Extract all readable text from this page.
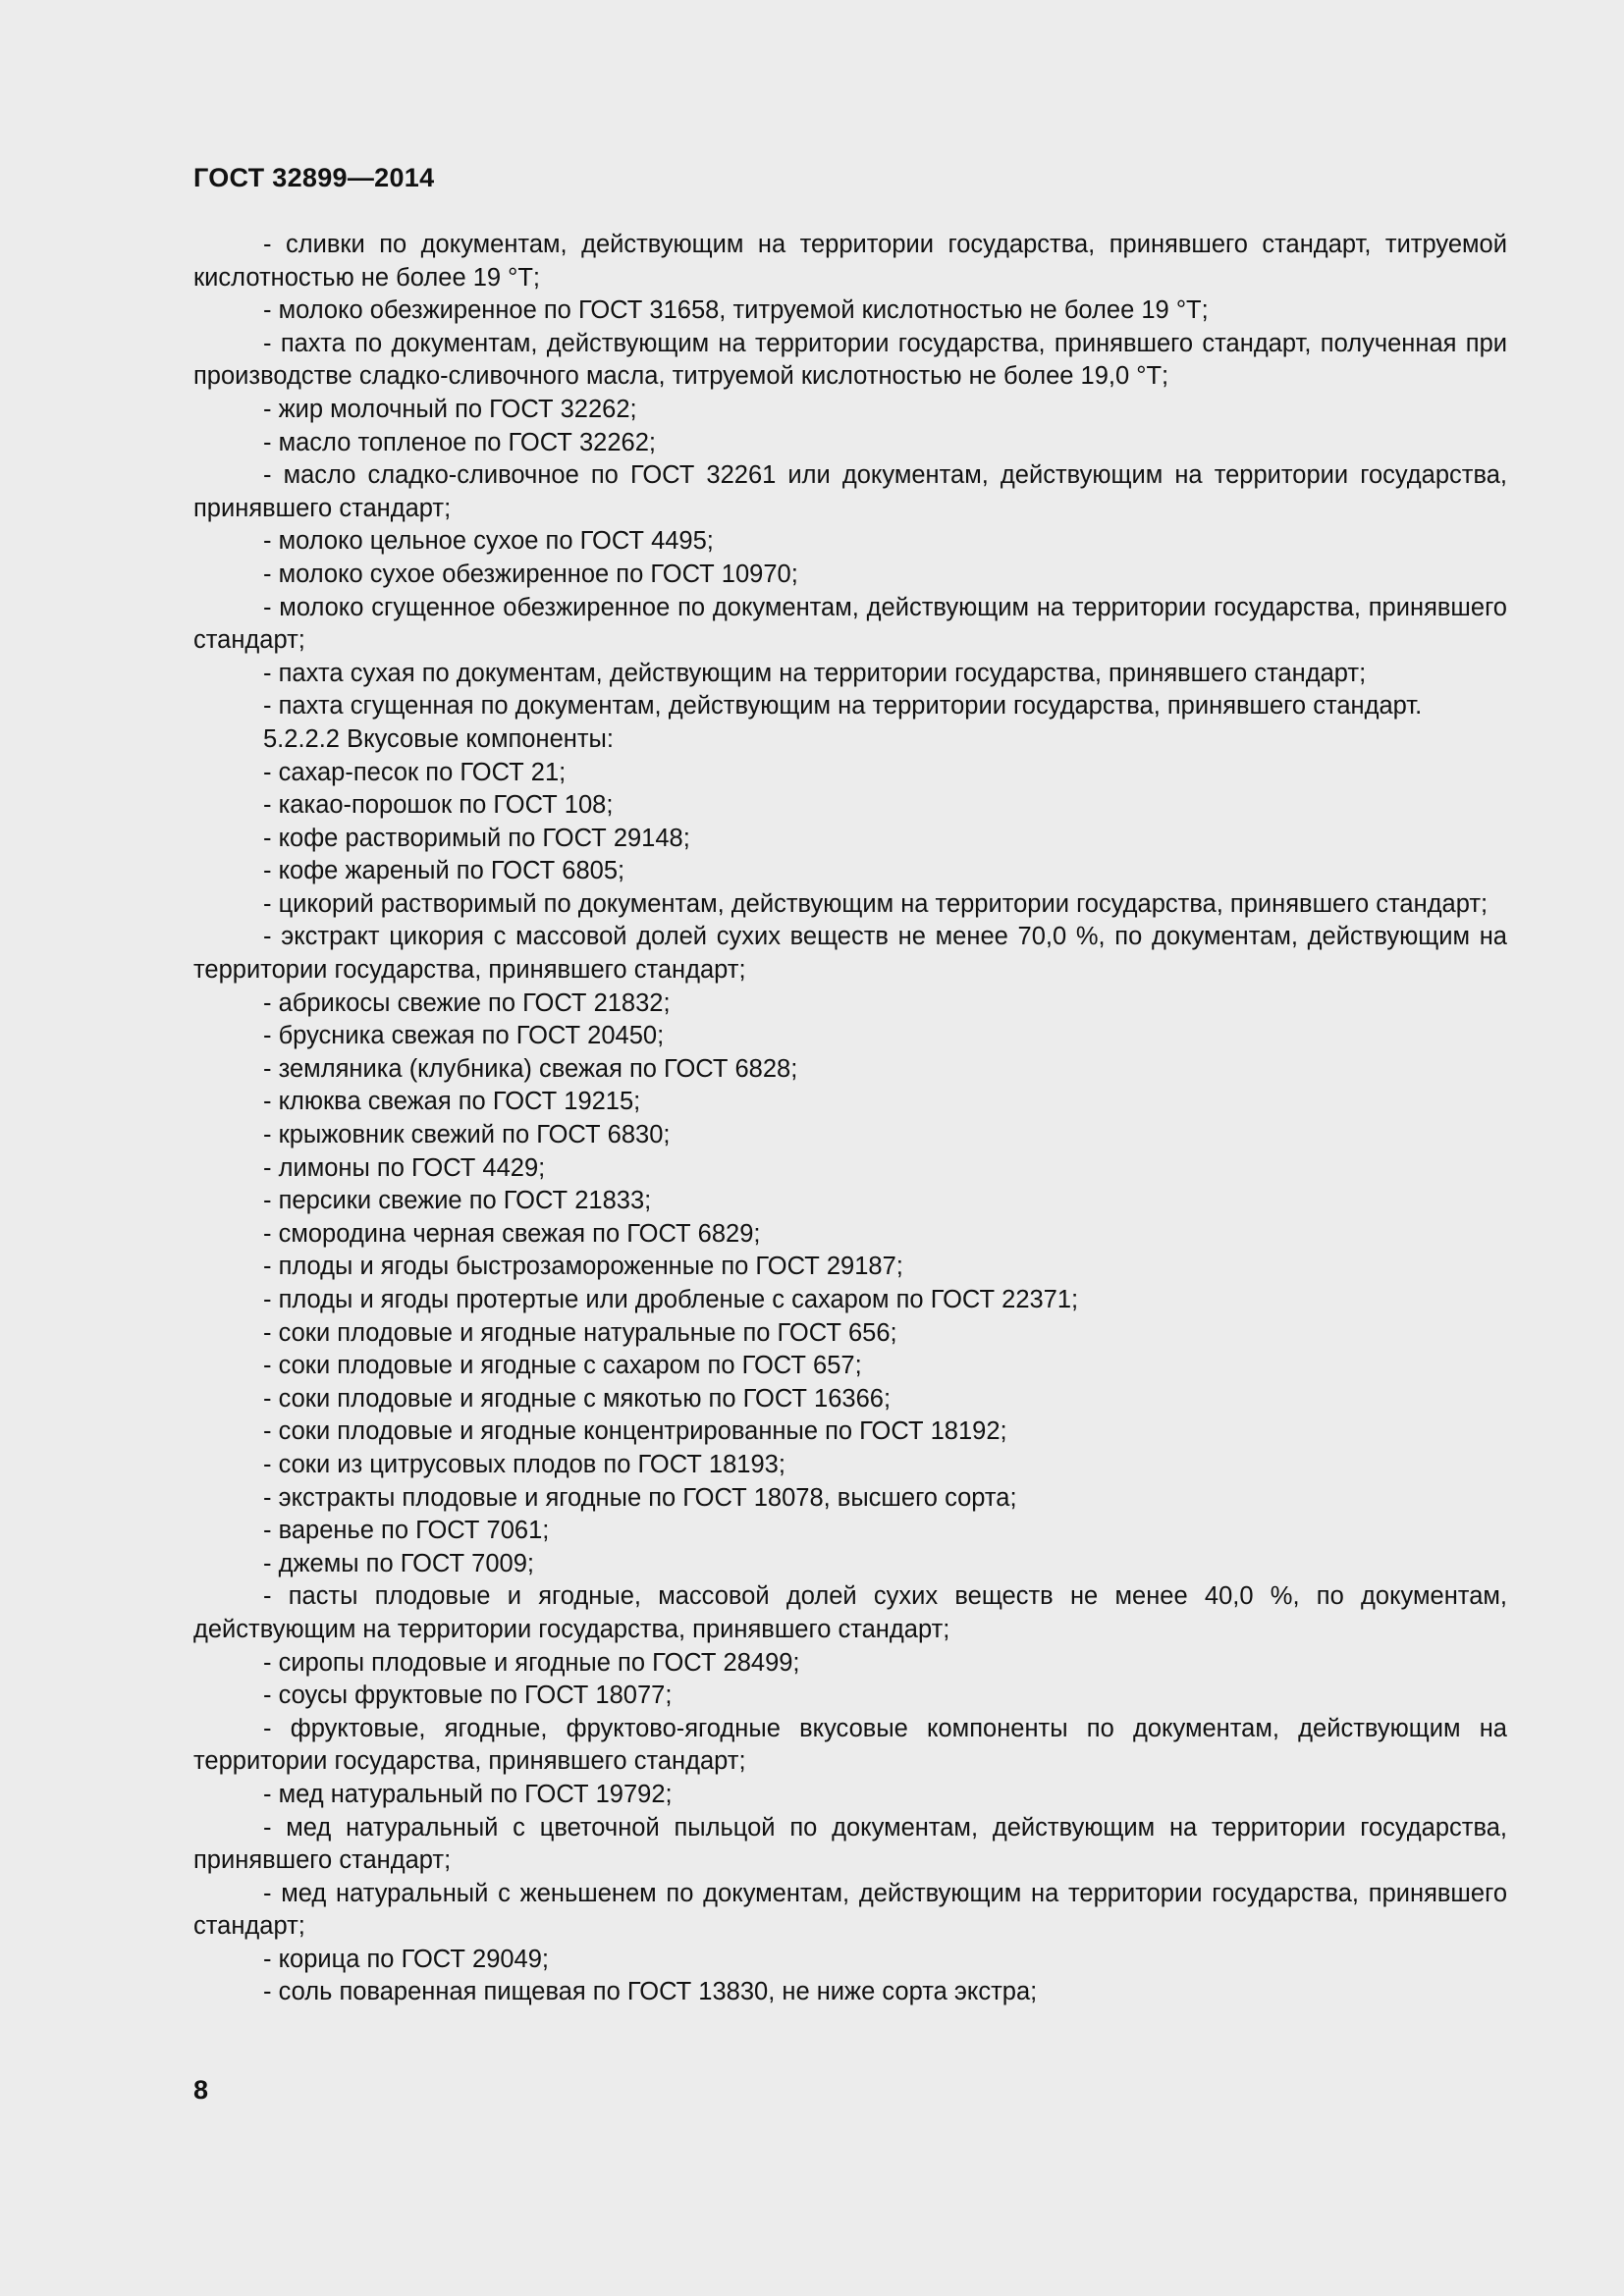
ГОСТ 32899—2014

- сливки по документам, действующим на территории государства, принявшего стандарт, титруемой кислотностью не более 19 °Т;

- молоко обезжиренное по ГОСТ 31658, титруемой кислотностью не более 19 °Т;

- пахта по документам, действующим на территории государства, принявшего стандарт, полученная при производстве сладко-сливочного масла, титруемой кислотностью не более 19,0 °Т;

- жир молочный по ГОСТ 32262;

- масло топленое по ГОСТ 32262;

- масло сладко-сливочное по ГОСТ 32261 или документам, действующим на территории государства, принявшего стандарт;

- молоко цельное сухое по ГОСТ 4495;

- молоко сухое обезжиренное по ГОСТ 10970;

- молоко сгущенное обезжиренное по документам, действующим на территории государства, принявшего стандарт;

- пахта сухая по документам, действующим на территории государства, принявшего стандарт;

- пахта сгущенная по документам, действующим на территории государства, принявшего стандарт.

5.2.2.2 Вкусовые компоненты:

- сахар-песок по ГОСТ 21;

- какао-порошок по ГОСТ 108;

- кофе растворимый по ГОСТ 29148;

- кофе жареный по ГОСТ 6805;

- цикорий растворимый по документам, действующим на территории государства, принявшего стандарт;

- экстракт цикория с массовой долей сухих веществ не менее 70,0 %, по документам, действующим на территории государства, принявшего стандарт;

- абрикосы свежие по ГОСТ 21832;

- брусника свежая по ГОСТ 20450;

- земляника (клубника) свежая по ГОСТ 6828;

- клюква свежая по ГОСТ 19215;

- крыжовник свежий по ГОСТ 6830;

- лимоны по ГОСТ 4429;

- персики свежие по ГОСТ 21833;

- смородина черная свежая по ГОСТ 6829;

- плоды и ягоды быстрозамороженные по ГОСТ 29187;

- плоды и ягоды протертые или дробленые с сахаром по ГОСТ 22371;

- соки плодовые и ягодные натуральные по ГОСТ 656;

- соки плодовые и ягодные с сахаром по ГОСТ 657;

- соки плодовые и ягодные с мякотью по ГОСТ 16366;

- соки плодовые и ягодные концентрированные по ГОСТ 18192;

- соки из цитрусовых плодов по ГОСТ 18193;

- экстракты плодовые и ягодные по ГОСТ 18078, высшего сорта;

- варенье по ГОСТ 7061;

- джемы по ГОСТ 7009;

- пасты плодовые и ягодные, массовой долей сухих веществ не менее 40,0 %, по документам, действующим на территории государства, принявшего стандарт;

- сиропы плодовые и ягодные по ГОСТ 28499;

- соусы фруктовые по ГОСТ 18077;

- фруктовые, ягодные, фруктово-ягодные вкусовые компоненты по документам, действующим на территории государства, принявшего стандарт;

- мед натуральный по ГОСТ 19792;

- мед натуральный с цветочной пыльцой по документам, действующим на территории государства, принявшего стандарт;

- мед натуральный с женьшенем по документам, действующим на территории государства, принявшего стандарт;

- корица по ГОСТ 29049;

- соль поваренная пищевая по ГОСТ 13830, не ниже сорта экстра;

8
